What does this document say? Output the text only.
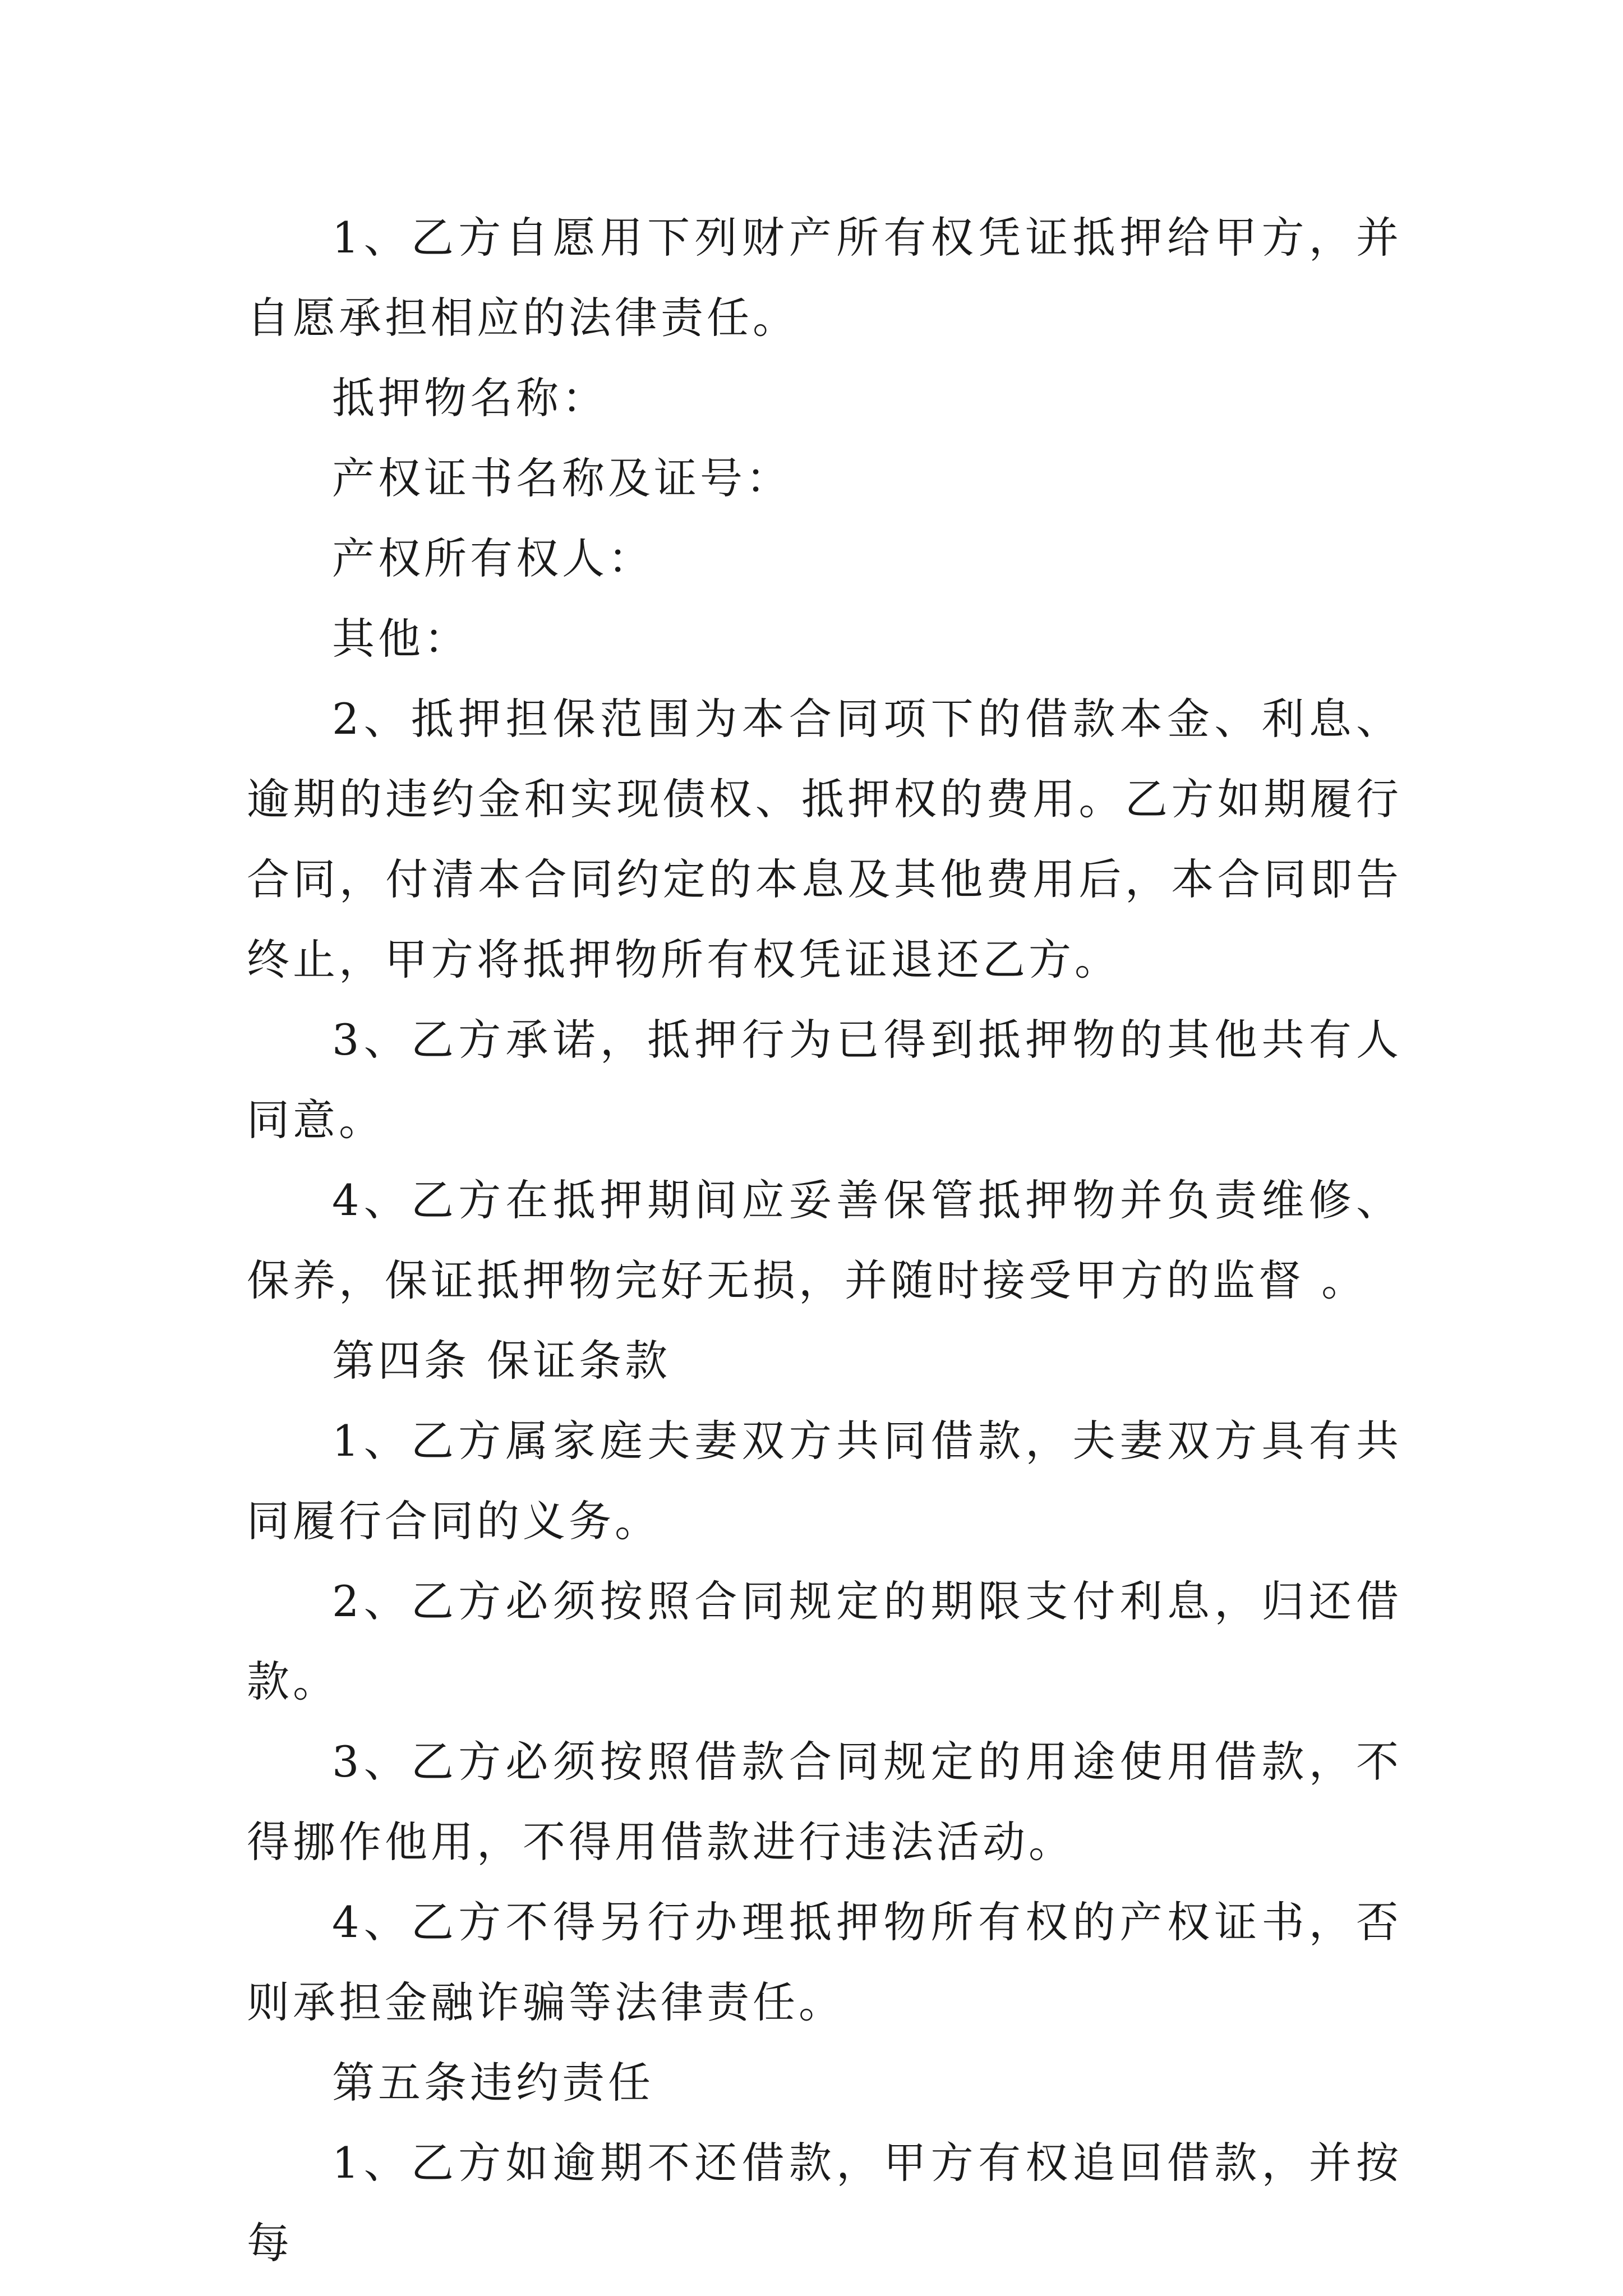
1、乙方自愿用下列财产所有权凭证抵押给甲方，并自愿承担相应的法律责任。

抵押物名称：

产权证书名称及证号：

产权所有权人：

其他：

2、抵押担保范围为本合同项下的借款本金、利息、逾期的违约金和实现债权、抵押权的费用。乙方如期履行合同，付清本合同约定的本息及其他费用后，本合同即告终止，甲方将抵押物所有权凭证退还乙方。

3、乙方承诺，抵押行为已得到抵押物的其他共有人同意。

4、乙方在抵押期间应妥善保管抵押物并负责维修、保养，保证抵押物完好无损，并随时接受甲方的监督 。

第四条 保证条款

1、乙方属家庭夫妻双方共同借款，夫妻双方具有共同履行合同的义务。

2、乙方必须按照合同规定的期限支付利息，归还借款。

3、乙方必须按照借款合同规定的用途使用借款，不得挪作他用，不得用借款进行违法活动。

4、乙方不得另行办理抵押物所有权的产权证书，否则承担金融诈骗等法律责任。

第五条违约责任

1、乙方如逾期不还借款，甲方有权追回借款，并按每
